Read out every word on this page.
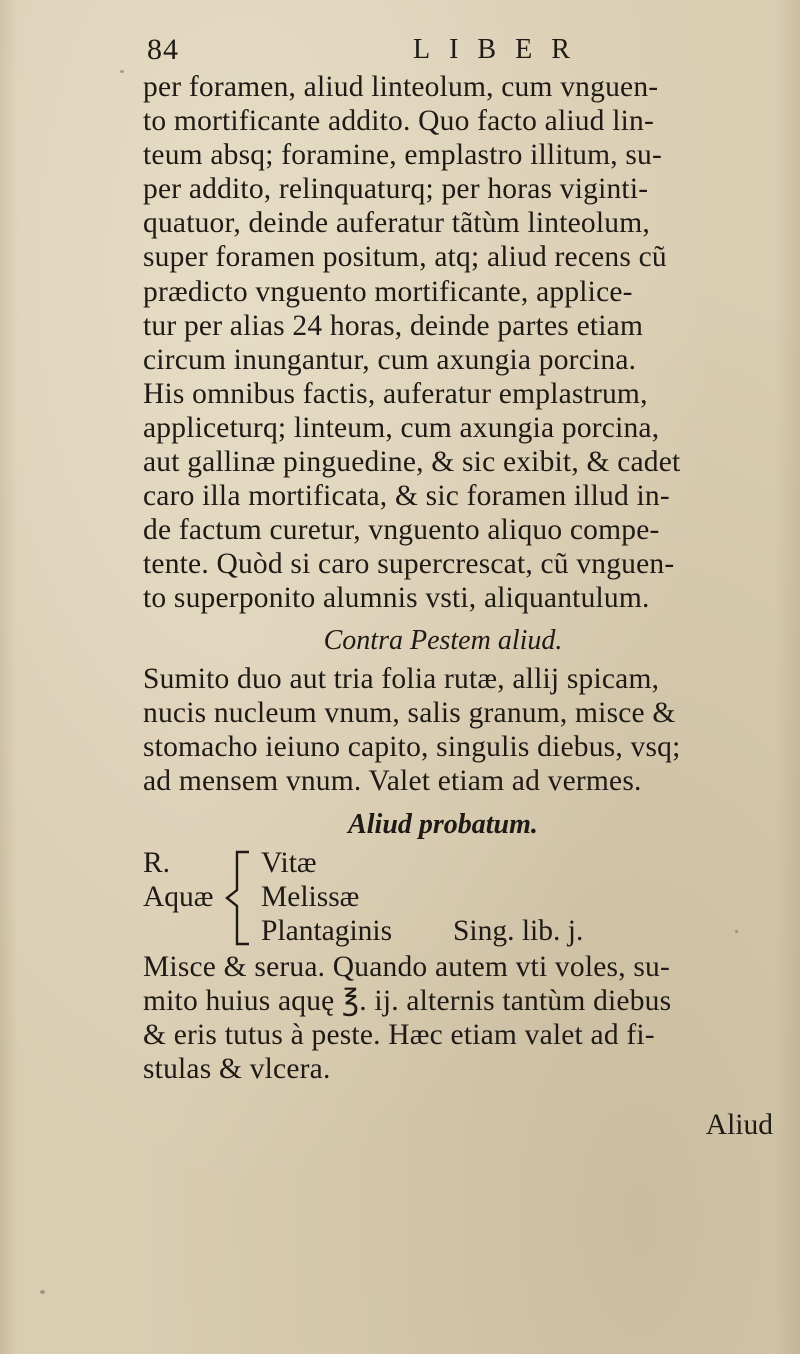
84	LIBER
per foramen, aliud linteolum, cum vnguen-
to mortificante addito. Quo facto aliud lin-
teum absq; foramine, emplastro illitum, su-
per addito, relinquaturq; per horas viginti-
quatuor, deinde auferatur tãtùm linteolum,
super foramen positum, atq; aliud recens cũ
prædicto vnguento mortificante, applice-
tur per alias 24 horas, deinde partes etiam
circum inungantur, cum axungia porcina.
His omnibus factis, auferatur emplastrum,
appliceturq; linteum, cum axungia porcina,
aut gallinæ pinguedine, & sic exibit, & cadet
caro illa mortificata, & sic foramen illud in-
de factum curetur, vnguento aliquo compe-
tente. Quòd si caro supercrescat, cũ vnguen-
to superponito alumnis vsti, aliquantulum.
Contra Pestem aliud.
Sumito duo aut tria folia rutæ, allij spicam,
nucis nucleum vnum, salis granum, misce &
stomacho ieiuno capito, singulis diebus, vsq;
ad mensem vnum. Valet etiam ad vermes.
Aliud probatum.
R.
Aquæ
Vitæ
Melissæ
Plantaginis Sing. lib. j.
Misce & serua. Quando autem vti voles, su-
mito huius aquę ℥. ij. alternis tantùm diebus
& eris tutus à peste. Hæc etiam valet ad fi-
stulas & vlcera.
Aliud
